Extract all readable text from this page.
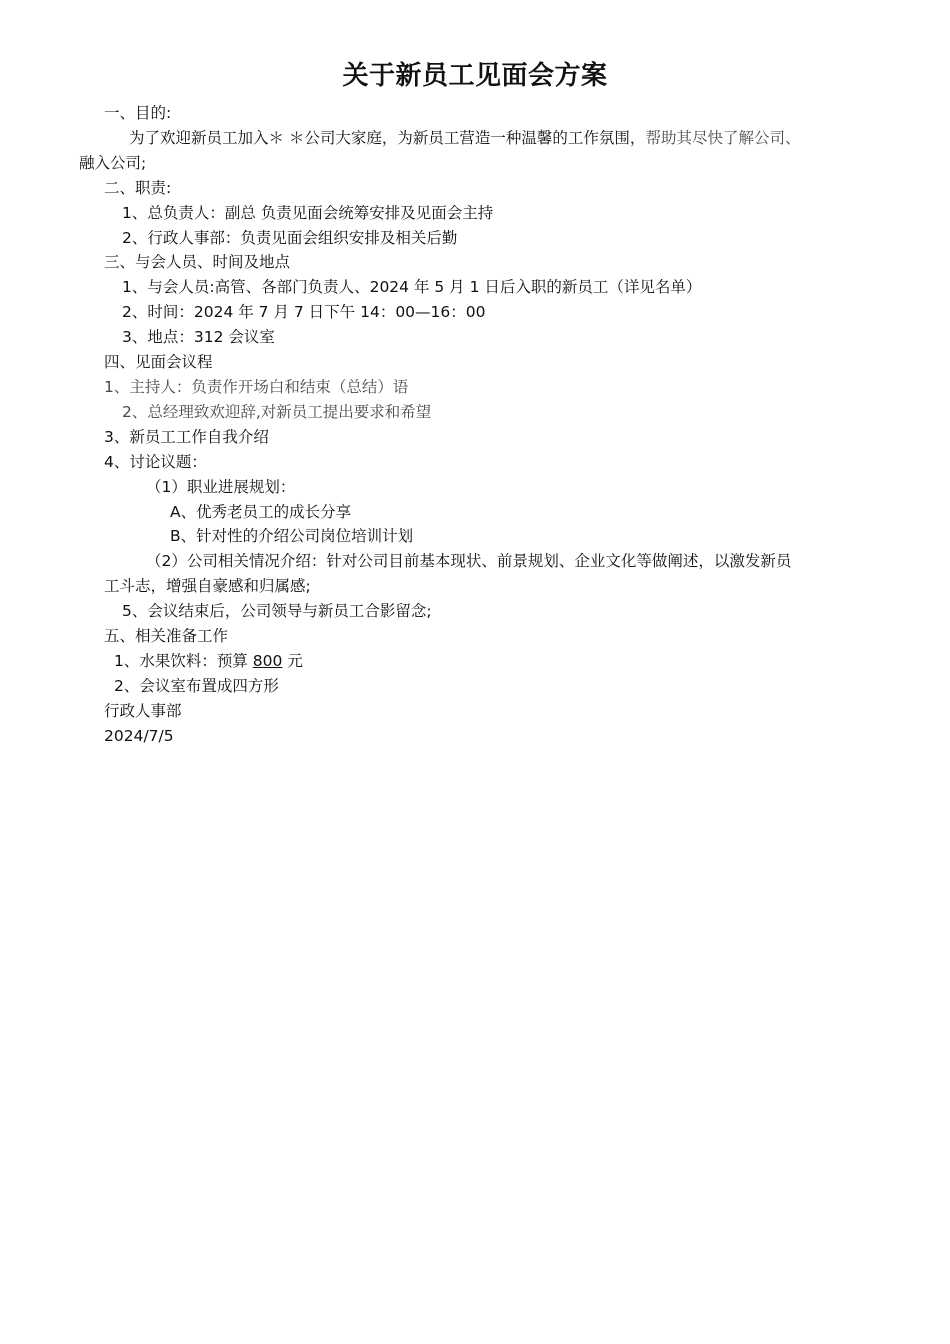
关于新员工见面会方案
一、目的:
为了欢迎新员工加入＊ ＊公司大家庭，为新员工营造一种温馨的工作氛围，帮助其尽快了解公司、
融入公司;
二、职责:
1、总负责人：副总 负责见面会统筹安排及见面会主持
2、行政人事部：负责见面会组织安排及相关后勤
三、与会人员、时间及地点
1、与会人员:高管、各部门负责人、2024 年 5 月 1 日后入职的新员工（详见名单）
2、时间：2024 年 7 月 7 日下午 14：00—16：00
3、地点：312 会议室
四、见面会议程
1、主持人：负责作开场白和结束（总结）语
2、总经理致欢迎辞,对新员工提出要求和希望
3、新员工工作自我介绍
4、讨论议题：
（1）职业进展规划：
A、优秀老员工的成长分享
B、针对性的介绍公司岗位培训计划
（2）公司相关情况介绍：针对公司目前基本现状、前景规划、企业文化等做阐述，以激发新员
工斗志，增强自豪感和归属感;
5、会议结束后，公司领导与新员工合影留念;
五、相关准备工作
1、水果饮料：预算 800 元
2、会议室布置成四方形
行政人事部
2024/7/5
